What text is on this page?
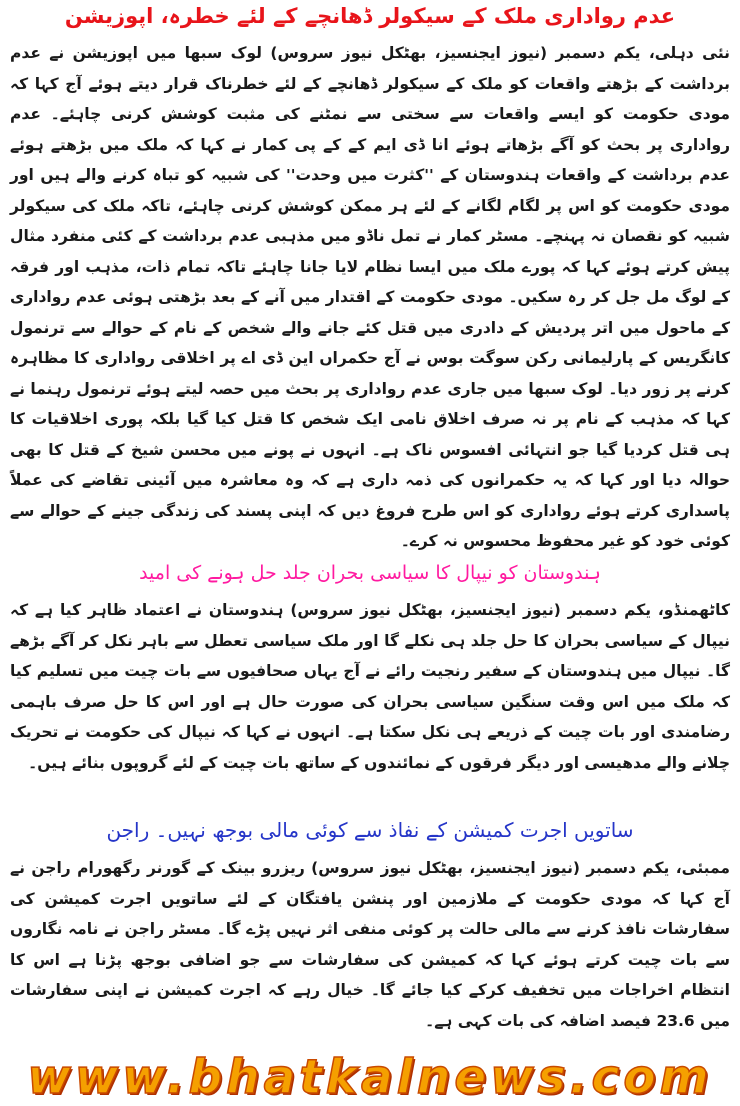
عدم رواداری ملک کے سیکولر ڈھانچے کے لئے خطرہ، اپوزیشن
نئی دہلی، یکم دسمبر (نیوز ایجنسیز، بھٹکل نیوز سروس) لوک سبھا میں اپوزیشن نے عدم برداشت کے بڑھتے واقعات کو ملک کے سیکولر ڈھانچے کے لئے خطرناک قرار دیتے ہوئے آج کہا کہ مودی حکومت کو ایسے واقعات سے سختی سے نمٹنے کی مثبت کوشش کرنی چاہئے۔ عدم رواداری پر بحث کو آگے بڑھاتے ہوئے انا ڈی ایم کے کے پی کمار نے کہا کہ ملک میں بڑھتے ہوئے عدم برداشت کے واقعات ہندوستان کے ''کثرت میں وحدت'' کی شبیہ کو تباہ کرنے والے ہیں اور مودی حکومت کو اس پر لگام لگانے کے لئے ہر ممکن کوشش کرنی چاہئے، تاکہ ملک کی سیکولر شبیہ کو نقصان نہ پہنچے۔ مسٹر کمار نے تمل ناڈو میں مذہبی عدم برداشت کے کئی منفرد مثال پیش کرتے ہوئے کہا کہ پورے ملک میں ایسا نظام لایا جانا چاہئے تاکہ تمام ذات، مذہب اور فرقہ کے لوگ مل جل کر رہ سکیں۔ مودی حکومت کے اقتدار میں آنے کے بعد بڑھتی ہوئی عدم رواداری کے ماحول میں اتر پردیش کے دادری میں قتل کئے جانے والے شخص کے نام کے حوالے سے ترنمول کانگریس کے پارلیمانی رکن سوگت بوس نے آج حکمراں این ڈی اے پر اخلاقی رواداری کا مظاہرہ کرنے پر زور دیا۔ لوک سبھا میں جاری عدم رواداری پر بحث میں حصہ لیتے ہوئے ترنمول رہنما نے کہا کہ مذہب کے نام پر نہ صرف اخلاق نامی ایک شخص کا قتل کیا گیا بلکہ پوری اخلاقیات کا ہی قتل کردیا گیا جو انتہائی افسوس ناک ہے۔ انہوں نے پونے میں محسن شیخ کے قتل کا بھی حوالہ دیا اور کہا کہ یہ حکمرانوں کی ذمہ داری ہے کہ وہ معاشرہ میں آئینی تقاضے کی عملاً پاسداری کرتے ہوئے رواداری کو اس طرح فروغ دیں کہ اپنی پسند کی زندگی جینے کے حوالے سے کوئی خود کو غیر محفوظ محسوس نہ کرے۔
ہندوستان کو نیپال کا سیاسی بحران جلد حل ہونے کی امید
کاٹھمنڈو، یکم دسمبر (نیوز ایجنسیز، بھٹکل نیوز سروس) ہندوستان نے اعتماد ظاہر کیا ہے کہ نیپال کے سیاسی بحران کا حل جلد ہی نکلے گا اور ملک سیاسی تعطل سے باہر نکل کر آگے بڑھے گا۔ نیپال میں ہندوستان کے سفیر رنجیت رائے نے آج یہاں صحافیوں سے بات چیت میں تسلیم کیا کہ ملک میں اس وقت سنگین سیاسی بحران کی صورت حال ہے اور اس کا حل صرف باہمی رضامندی اور بات چیت کے ذریعے ہی نکل سکتا ہے۔ انہوں نے کہا کہ نیپال کی حکومت نے تحریک چلانے والے مدھیسی اور دیگر فرقوں کے نمائندوں کے ساتھ بات چیت کے لئے گروپوں بنائے ہیں۔
ساتویں اجرت کمیشن کے نفاذ سے کوئی مالی بوجھ نہیں۔ راجن
ممبئی، یکم دسمبر (نیوز ایجنسیز، بھٹکل نیوز سروس) ریزرو بینک کے گورنر رگھورام راجن نے آج کہا کہ مودی حکومت کے ملازمین اور پنشن یافتگان کے لئے ساتویں اجرت کمیشن کی سفارشات نافذ کرنے سے مالی حالت پر کوئی منفی اثر نہیں پڑے گا۔ مسٹر راجن نے نامہ نگاروں سے بات چیت کرتے ہوئے کہا کہ کمیشن کی سفارشات سے جو اضافی بوجھ پڑنا ہے اس کا انتظام اخراجات میں تخفیف کرکے کیا جائے گا۔ خیال رہے کہ اجرت کمیشن نے اپنی سفارشات میں 23.6 فیصد اضافہ کی بات کہی ہے۔
www.bhatkalnews.com
